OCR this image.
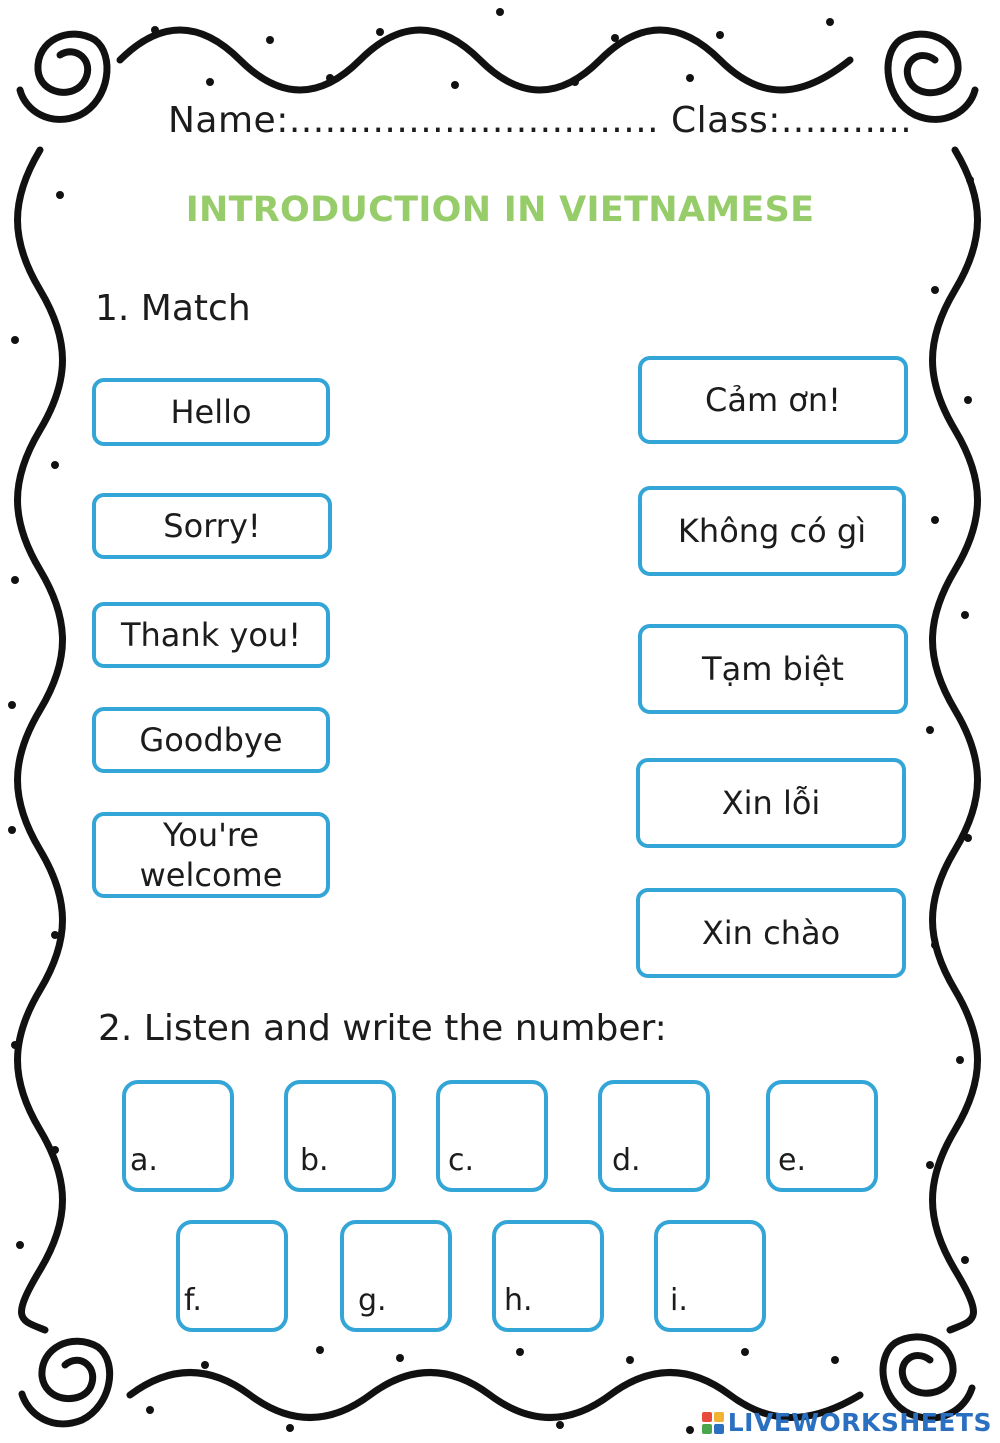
Name:............................... Class:...........
INTRODUCTION IN VIETNAMESE
1. Match
Hello
Sorry!
Thank you!
Goodbye
You're welcome
Cảm ơn!
Không có gì
Tạm biệt
Xin lỗi
Xin chào
2. Listen and write the number:
a.	b.	c.	d.	e.
f.	g.	h.	i.
LIVEWORKSHEETS
